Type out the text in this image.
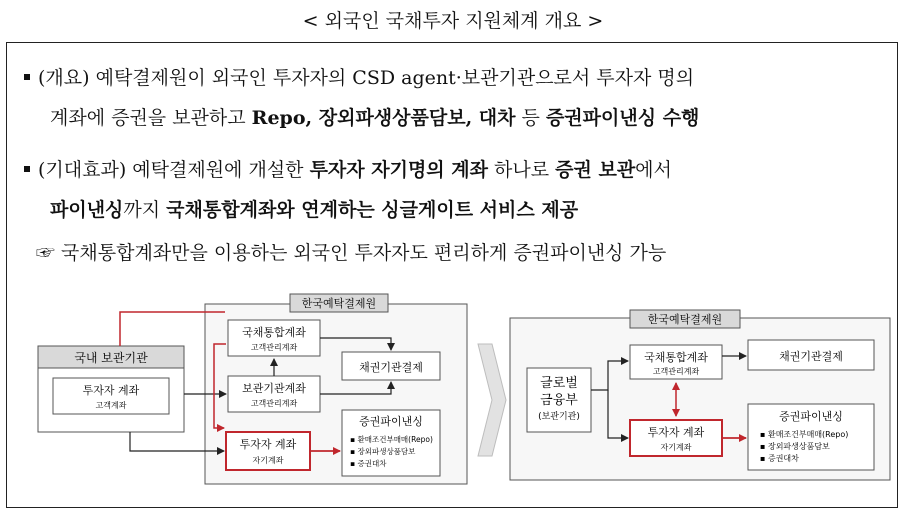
< 외국인 국채투자 지원체계 개요 >
(개요) 예탁결제원이 외국인 투자자의 CSD agent·보관기관으로서 투자자 명의
계좌에 증권을 보관하고 Repo, 장외파생상품담보, 대차 등 증권파이낸싱 수행
(기대효과) 예탁결제원에 개설한 투자자 자기명의 계좌 하나로 증권 보관에서
파이낸싱까지 국채통합계좌와 연계하는 싱글게이트 서비스 제공
☞ 국채통합계좌만을 이용하는 외국인 투자자도 편리하게 증권파이낸싱 가능
한국예탁결제원
국내 보관기관
투자자 계좌
고객계좌
국채통합계좌
고객관리계좌
보관기관계좌
고객관리계좌
투자자 계좌
자기계좌
채권기관결제
증권파이낸싱
▪ 환매조건부매매(Repo)
▪ 장외파생상품담보
▪ 증권대차
한국예탁결제원
글로벌
금융부
(보관기관)
국채통합계좌
고객관리계좌
투자자 계좌
자기계좌
채권기관결제
증권파이낸싱
▪ 환매조건부매매(Repo)
▪ 장외파생상품담보
▪ 증권대차
